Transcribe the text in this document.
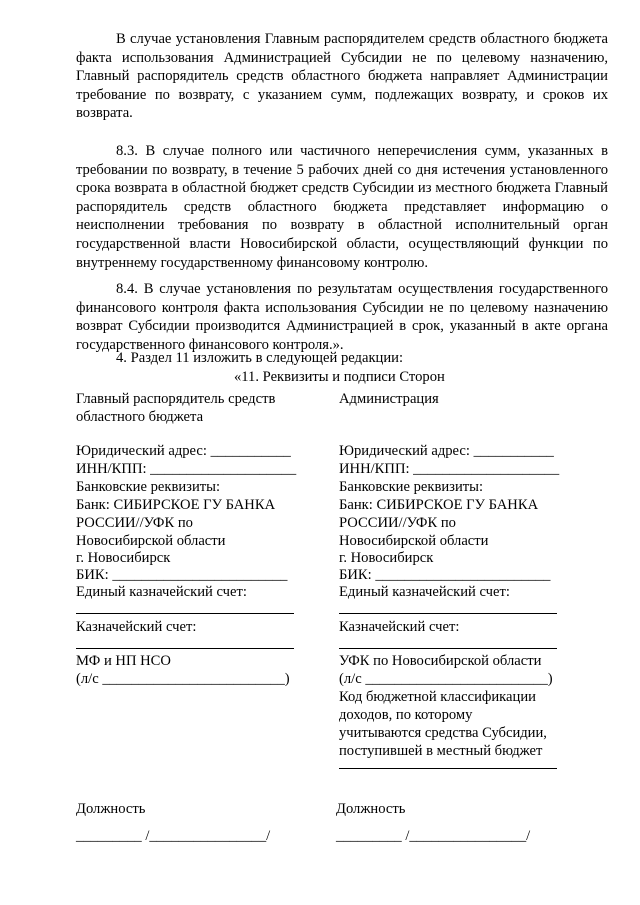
В случае установления Главным распорядителем средств областного бюджета факта использования Администрацией Субсидии не по целевому назначению, Главный распорядитель средств областного бюджета направляет Администрации требование по возврату, с указанием сумм, подлежащих возврату, и сроков их возврата.

8.3. В случае полного или частичного неперечисления сумм, указанных в требовании по возврату, в течение 5 рабочих дней со дня истечения установленного срока возврата в областной бюджет средств Субсидии из местного бюджета Главный распорядитель средств областного бюджета представляет информацию о неисполнении требования по возврату в областной исполнительный орган государственной власти Новосибирской области, осуществляющий функции по внутреннему государственному финансовому контролю.

8.4. В случае установления по результатам осуществления государственного финансового контроля факта использования Субсидии не по целевому назначению возврат Субсидии производится Администрацией в срок, указанный в акте органа государственного финансового контроля.».

4. Раздел 11 изложить в следующей редакции:

«11. Реквизиты и подписи Сторон

Главный распорядитель средств
областного бюджета
Юридический адрес: ___________
ИНН/КПП: ____________________
Банковские реквизиты:
Банк: СИБИРСКОЕ ГУ БАНКА
РОССИИ//УФК по
Новосибирской области
г. Новосибирск
БИК: ________________________
Единый казначейский счет:
Казначейский счет:
МФ и НП НСО
(л/с _________________________)
Должность
_________ /________________/
Администрация
Юридический адрес: ___________
ИНН/КПП: ____________________
Банковские реквизиты:
Банк: СИБИРСКОЕ ГУ БАНКА
РОССИИ//УФК по
Новосибирской области
г. Новосибирск
БИК: ________________________
Единый казначейский счет:
Казначейский счет:
УФК по Новосибирской области
(л/с _________________________)
Код бюджетной классификации
доходов, по которому
учитываются средства Субсидии,
поступившей в местный бюджет
Должность
_________ /________________/
